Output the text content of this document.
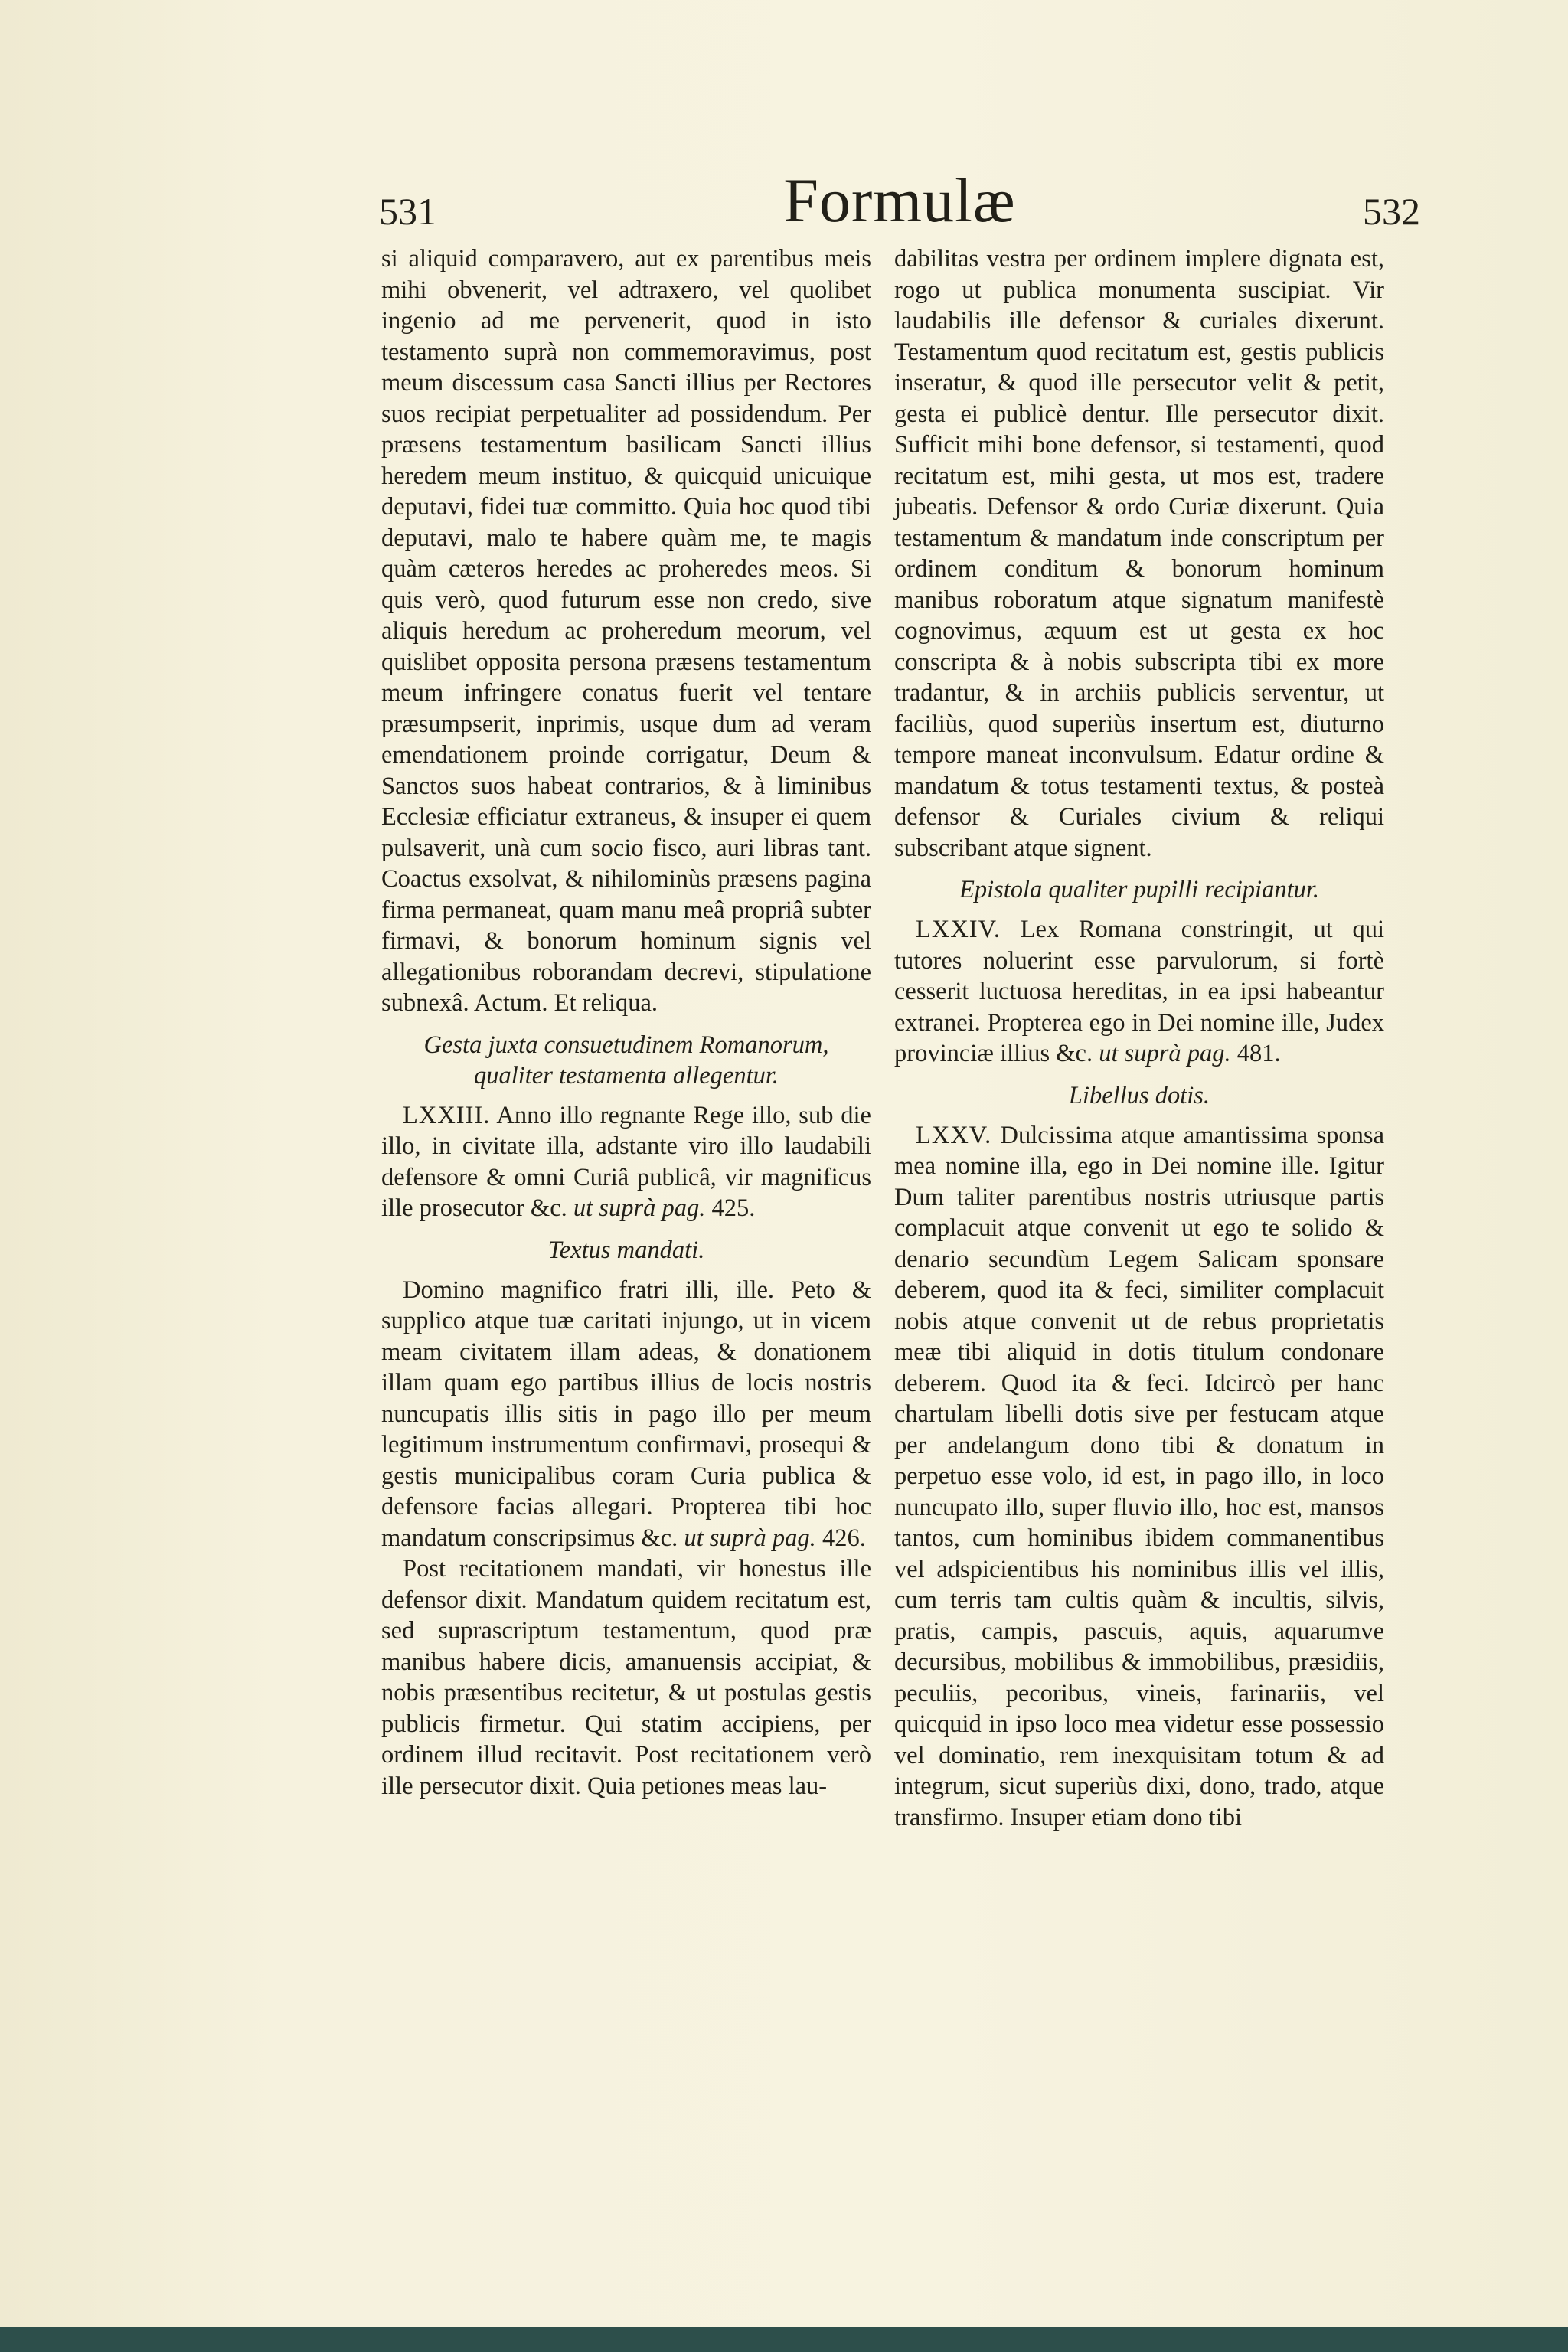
531	Formulæ	532

si aliquid comparavero, aut ex parentibus meis mihi obvenerit, vel adtraxero, vel quolibet ingenio ad me pervenerit, quod in isto testamento suprà non commemoravimus, post meum discessum casa Sancti illius per Rectores suos recipiat perpetualiter ad possidendum. Per præsens testamentum basilicam Sancti illius heredem meum instituo, & quicquid unicuique deputavi, fidei tuæ committo. Quia hoc quod tibi deputavi, malo te habere quàm me, te magis quàm cæteros heredes ac proheredes meos. Si quis verò, quod futurum esse non credo, sive aliquis heredum ac proheredum meorum, vel quislibet opposita persona præsens testamentum meum infringere conatus fuerit vel tentare præsumpserit, inprimis, usque dum ad veram emendationem proinde corrigatur, Deum & Sanctos suos habeat contrarios, & à liminibus Ecclesiæ efficiatur extraneus, & insuper ei quem pulsaverit, unà cum socio fisco, auri libras tant. Coactus exsolvat, & nihilominùs præsens pagina firma permaneat, quam manu meâ propriâ subter firmavi, & bonorum hominum signis vel allegationibus roborandam decrevi, stipulatione subnexâ. Actum. Et reliqua.

Gesta juxta consuetudinem Romanorum,
qualiter testamenta allegentur.

LXXIII. Anno illo regnante Rege illo, sub die illo, in civitate illa, adstante viro illo laudabili defensore & omni Curiâ publicâ, vir magnificus ille prosecutor &c. ut suprà pag. 425.

Textus mandati.

Domino magnifico fratri illi, ille. Peto & supplico atque tuæ caritati injungo, ut in vicem meam civitatem illam adeas, & donationem illam quam ego partibus illius de locis nostris nuncupatis illis sitis in pago illo per meum legitimum instrumentum confirmavi, prosequi & gestis municipalibus coram Curia publica & defensore facias allegari. Propterea tibi hoc mandatum conscripsimus &c. ut suprà pag. 426.

Post recitationem mandati, vir honestus ille defensor dixit. Mandatum quidem recitatum est, sed suprascriptum testamentum, quod præ manibus habere dicis, amanuensis accipiat, & nobis præsentibus recitetur, & ut postulas gestis publicis firmetur. Qui statim accipiens, per ordinem illud recitavit. Post recitationem verò ille persecutor dixit. Quia petiones meas lau-

dabilitas vestra per ordinem implere dignata est, rogo ut publica monumenta suscipiat. Vir laudabilis ille defensor & curiales dixerunt. Testamentum quod recitatum est, gestis publicis inseratur, & quod ille persecutor velit & petit, gesta ei publicè dentur. Ille persecutor dixit. Sufficit mihi bone defensor, si testamenti, quod recitatum est, mihi gesta, ut mos est, tradere jubeatis. Defensor & ordo Curiæ dixerunt. Quia testamentum & mandatum inde conscriptum per ordinem conditum & bonorum hominum manibus roboratum atque signatum manifestè cognovimus, æquum est ut gesta ex hoc conscripta & à nobis subscripta tibi ex more tradantur, & in archiis publicis serventur, ut faciliùs, quod superiùs insertum est, diuturno tempore maneat inconvulsum. Edatur ordine & mandatum & totus testamenti textus, & posteà defensor & Curiales civium & reliqui subscribant atque signent.

Epistola qualiter pupilli recipiantur.

LXXIV. Lex Romana constringit, ut qui tutores noluerint esse parvulorum, si fortè cesserit luctuosa hereditas, in ea ipsi habeantur extranei. Propterea ego in Dei nomine ille, Judex provinciæ illius &c. ut suprà pag. 481.

Libellus dotis.

LXXV. Dulcissima atque amantissima sponsa mea nomine illa, ego in Dei nomine ille. Igitur Dum taliter parentibus nostris utriusque partis complacuit atque convenit ut ego te solido & denario secundùm Legem Salicam sponsare deberem, quod ita & feci, similiter complacuit nobis atque convenit ut de rebus proprietatis meæ tibi aliquid in dotis titulum condonare deberem. Quod ita & feci. Idcircò per hanc chartulam libelli dotis sive per festucam atque per andelangum dono tibi & donatum in perpetuo esse volo, id est, in pago illo, in loco nuncupato illo, super fluvio illo, hoc est, mansos tantos, cum hominibus ibidem commanentibus vel adspicientibus his nominibus illis vel illis, cum terris tam cultis quàm & incultis, silvis, pratis, campis, pascuis, aquis, aquarumve decursibus, mobilibus & immobilibus, præsidiis, peculiis, pecoribus, vineis, farinariis, vel quicquid in ipso loco mea videtur esse possessio vel dominatio, rem inexquisitam totum & ad integrum, sicut superiùs dixi, dono, trado, atque transfirmo. Insuper etiam dono tibi
